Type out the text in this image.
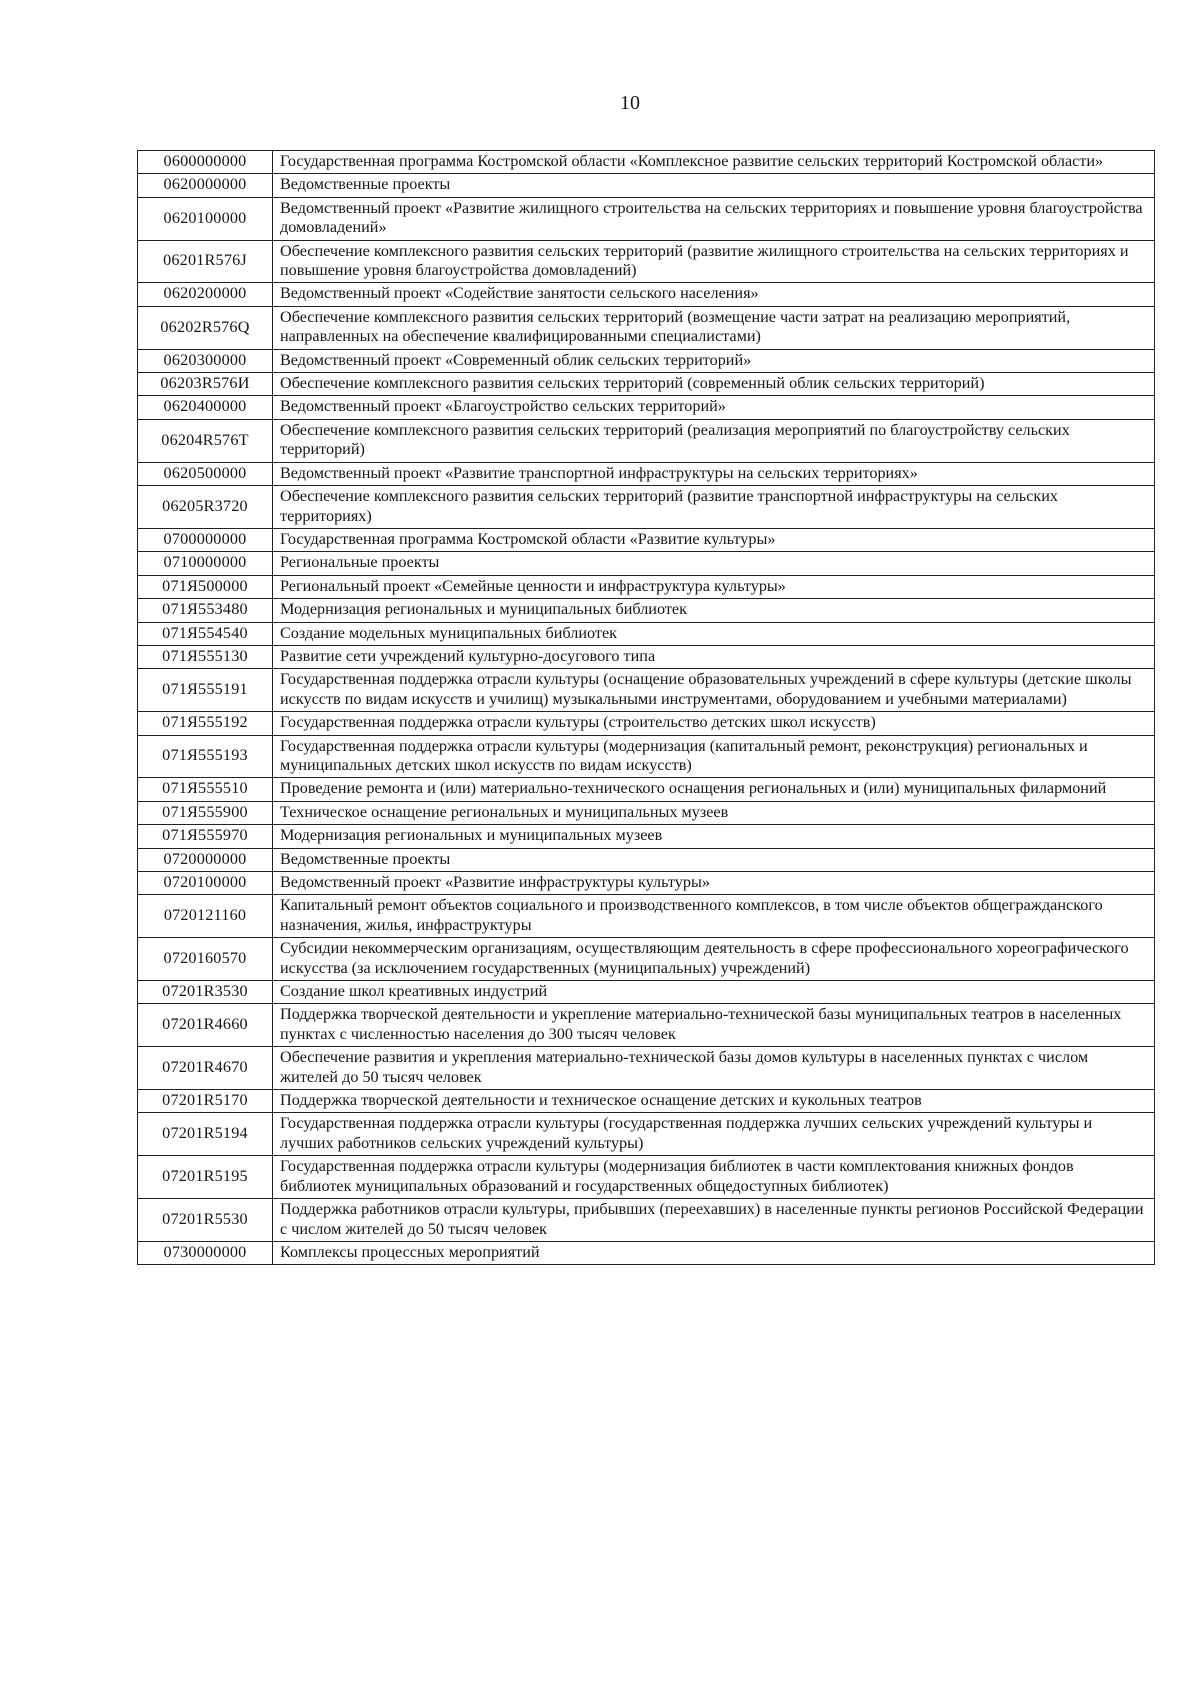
10
0600000000	Государственная программа Костромской области «Комплексное развитие сельских территорий Костромской области»
0620000000	Ведомственные проекты
0620100000	Ведомственный проект «Развитие жилищного строительства на сельских территориях и повышение уровня благоустройства домовладений»
06201R576J	Обеспечение комплексного развития сельских территорий (развитие жилищного строительства на сельских территориях и повышение уровня благоустройства домовладений)
0620200000	Ведомственный проект «Содействие занятости сельского населения»
06202R576Q	Обеспечение комплексного развития сельских территорий (возмещение части затрат на реализацию мероприятий, направленных на обеспечение квалифицированными специалистами)
0620300000	Ведомственный проект «Современный облик сельских территорий»
06203R576И	Обеспечение комплексного развития сельских территорий (современный облик сельских территорий)
0620400000	Ведомственный проект «Благоустройство сельских территорий»
06204R576T	Обеспечение комплексного развития сельских территорий (реализация мероприятий по благоустройству сельских территорий)
0620500000	Ведомственный проект «Развитие транспортной инфраструктуры на сельских территориях»
06205R3720	Обеспечение комплексного развития сельских территорий (развитие транспортной инфраструктуры на сельских территориях)
0700000000	Государственная программа Костромской области «Развитие культуры»
0710000000	Региональные проекты
071Я500000	Региональный проект «Семейные ценности и инфраструктура культуры»
071Я553480	Модернизация региональных и муниципальных библиотек
071Я554540	Создание модельных муниципальных библиотек
071Я555130	Развитие сети учреждений культурно-досугового типа
071Я555191	Государственная поддержка отрасли культуры (оснащение образовательных учреждений в сфере культуры (детские школы искусств по видам искусств и училищ) музыкальными инструментами, оборудованием и учебными материалами)
071Я555192	Государственная поддержка отрасли культуры (строительство детских школ искусств)
071Я555193	Государственная поддержка отрасли культуры (модернизация (капитальный ремонт, реконструкция) региональных и муниципальных детских школ искусств по видам искусств)
071Я555510	Проведение ремонта и (или) материально-технического оснащения региональных и (или) муниципальных филармоний
071Я555900	Техническое оснащение региональных и муниципальных музеев
071Я555970	Модернизация региональных и муниципальных музеев
0720000000	Ведомственные проекты
0720100000	Ведомственный проект «Развитие инфраструктуры культуры»
0720121160	Капитальный ремонт объектов социального и производственного комплексов, в том числе объектов общегражданского назначения, жилья, инфраструктуры
0720160570	Субсидии некоммерческим организациям, осуществляющим деятельность в сфере профессионального хореографического искусства (за исключением государственных (муниципальных) учреждений)
07201R3530	Создание школ креативных индустрий
07201R4660	Поддержка творческой деятельности и укрепление материально-технической базы муниципальных театров в населенных пунктах с численностью населения до 300 тысяч человек
07201R4670	Обеспечение развития и укрепления материально-технической базы домов культуры в населенных пунктах с числом жителей до 50 тысяч человек
07201R5170	Поддержка творческой деятельности и техническое оснащение детских и кукольных театров
07201R5194	Государственная поддержка отрасли культуры (государственная поддержка лучших сельских учреждений культуры и лучших работников сельских учреждений культуры)
07201R5195	Государственная поддержка отрасли культуры (модернизация библиотек в части комплектования книжных фондов библиотек муниципальных образований и государственных общедоступных библиотек)
07201R5530	Поддержка работников отрасли культуры, прибывших (переехавших) в населенные пункты регионов Российской Федерации с числом жителей до 50 тысяч человек
0730000000	Комплексы процессных мероприятий
